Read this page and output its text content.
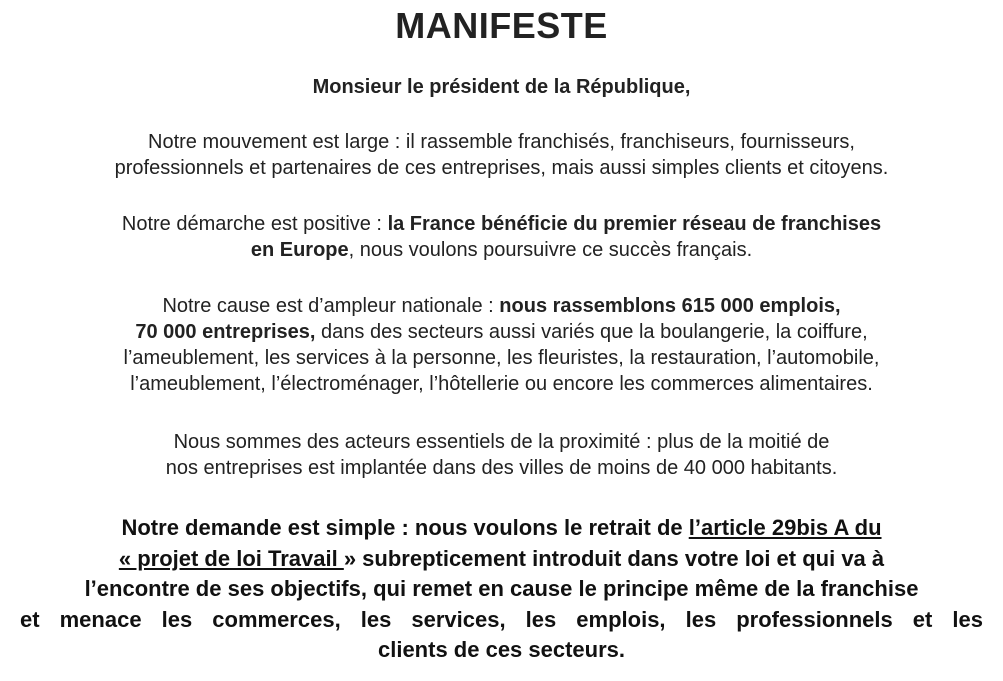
MANIFESTE
Monsieur le président de la République,
Notre mouvement est large : il rassemble franchisés, franchiseurs, fournisseurs,
professionnels et partenaires de ces entreprises, mais aussi simples clients et citoyens.
Notre démarche est positive : la France bénéficie du premier réseau de franchises
en Europe, nous voulons poursuivre ce succès français.
Notre cause est d’ampleur nationale : nous rassemblons 615 000 emplois,
70 000 entreprises, dans des secteurs aussi variés que la boulangerie, la coiffure,
l’ameublement, les services à la personne, les fleuristes, la restauration, l’automobile,
l’ameublement, l’électroménager, l’hôtellerie ou encore les commerces alimentaires.
Nous sommes des acteurs essentiels de la proximité : plus de la moitié de
nos entreprises est implantée dans des villes de moins de 40 000 habitants.
Notre demande est simple : nous voulons le retrait de l’article 29bis A du
« projet de loi Travail » subrepticement introduit dans votre loi et qui va à
l’encontre de ses objectifs, qui remet en cause le principe même de la franchise
et menace les commerces, les services, les emplois, les professionnels et les
clients de ces secteurs.
